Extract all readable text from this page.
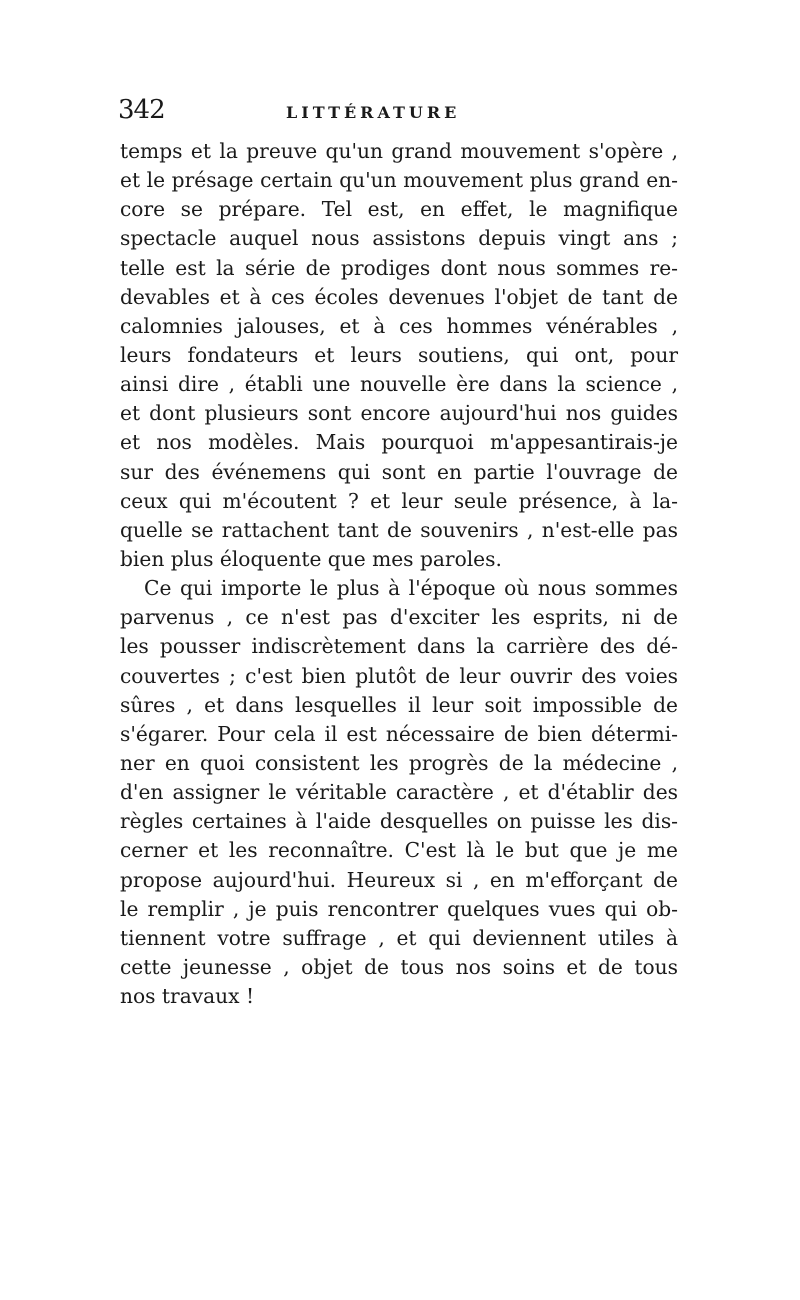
342	LITTÉRATURE
temps et la preuve qu'un grand mouvement s'opère ,
et le présage certain qu'un mouvement plus grand en-
core se prépare. Tel est, en effet, le magnifique
spectacle auquel nous assistons depuis vingt ans ;
telle est la série de prodiges dont nous sommes re-
devables et à ces écoles devenues l'objet de tant de
calomnies jalouses, et à ces hommes vénérables ,
leurs fondateurs et leurs soutiens, qui ont, pour
ainsi dire , établi une nouvelle ère dans la science ,
et dont plusieurs sont encore aujourd'hui nos guides
et nos modèles. Mais pourquoi m'appesantirais-je
sur des événemens qui sont en partie l'ouvrage de
ceux qui m'écoutent ? et leur seule présence, à la-
quelle se rattachent tant de souvenirs , n'est-elle pas
bien plus éloquente que mes paroles.
Ce qui importe le plus à l'époque où nous sommes
parvenus , ce n'est pas d'exciter les esprits, ni de
les pousser indiscrètement dans la carrière des dé-
couvertes ; c'est bien plutôt de leur ouvrir des voies
sûres , et dans lesquelles il leur soit impossible de
s'égarer. Pour cela il est nécessaire de bien détermi-
ner en quoi consistent les progrès de la médecine ,
d'en assigner le véritable caractère , et d'établir des
règles certaines à l'aide desquelles on puisse les dis-
cerner et les reconnaître. C'est là le but que je me
propose aujourd'hui. Heureux si , en m'efforçant de
le remplir , je puis rencontrer quelques vues qui ob-
tiennent votre suffrage , et qui deviennent utiles à
cette jeunesse , objet de tous nos soins et de tous
nos travaux !
